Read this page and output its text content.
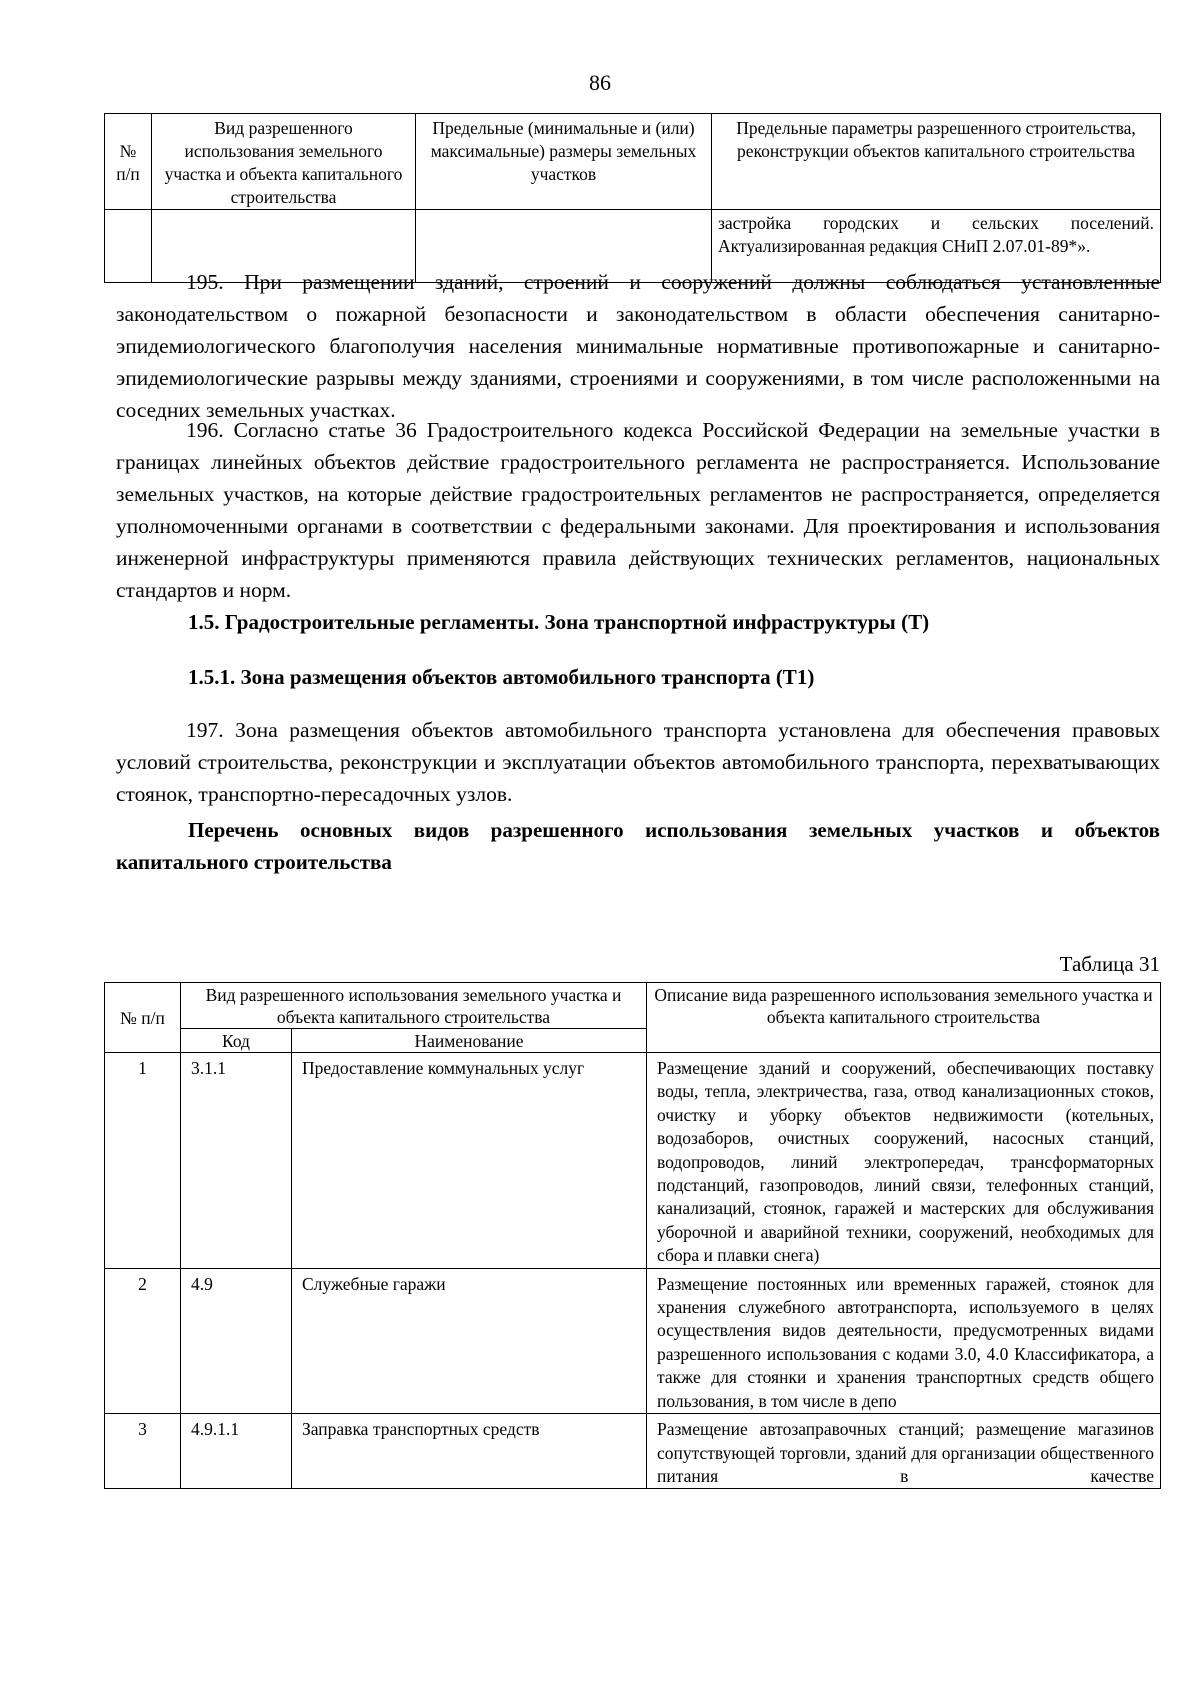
86
№ п/п	Вид разрешенного использования земельного участка и объекта капитального строительства	Предельные (минимальные и (или) максимальные) размеры земельных участков	Предельные параметры разрешенного строительства, реконструкции объектов капитального строительства
			застройка городских и сельских поселений. Актуализированная редакция СНиП 2.07.01-89*».

195. При размещении зданий, строений и сооружений должны соблюдаться установленные законодательством о пожарной безопасности и законодательством в области обеспечения санитарно-эпидемиологического благополучия населения минимальные нормативные противопожарные и санитарно-эпидемиологические разрывы между зданиями, строениями и сооружениями, в том числе расположенными на соседних земельных участках.

196. Согласно статье 36 Градостроительного кодекса Российской Федерации на земельные участки в границах линейных объектов действие градостроительного регламента не распространяется. Использование земельных участков, на которые действие градостроительных регламентов не распространяется, определяется уполномоченными органами в соответствии с федеральными законами. Для проектирования и использования инженерной инфраструктуры применяются правила действующих технических регламентов, национальных стандартов и норм.

1.5. Градостроительные регламенты. Зона транспортной инфраструктуры (Т)

1.5.1. Зона размещения объектов автомобильного транспорта (Т1)

197. Зона размещения объектов автомобильного транспорта установлена для обеспечения правовых условий строительства, реконструкции и эксплуатации объектов автомобильного транспорта, перехватывающих стоянок, транспортно-пересадочных узлов.

Перечень основных видов разрешенного использования земельных участков и объектов капитального строительства

Таблица 31
№ п/п	Вид разрешенного использования земельного участка и объекта капитального строительства		Описание вида разрешенного использования земельного участка и объекта капитального строительства
	Код	Наименование	
1	3.1.1	Предоставление коммунальных услуг	Размещение зданий и сооружений, обеспечивающих поставку воды, тепла, электричества, газа, отвод канализационных стоков, очистку и уборку объектов недвижимости (котельных, водозаборов, очистных сооружений, насосных станций, водопроводов, линий электропередач, трансформаторных подстанций, газопроводов, линий связи, телефонных станций, канализаций, стоянок, гаражей и мастерских для обслуживания уборочной и аварийной техники, сооружений, необходимых для сбора и плавки снега)
2	4.9	Служебные гаражи	Размещение постоянных или временных гаражей, стоянок для хранения служебного автотранспорта, используемого в целях осуществления видов деятельности, предусмотренных видами разрешенного использования с кодами 3.0, 4.0 Классификатора, а также для стоянки и хранения транспортных средств общего пользования, в том числе в депо
3	4.9.1.1	Заправка транспортных средств	Размещение автозаправочных станций; размещение магазинов сопутствующей торговли, зданий для организации общественного питания в качестве
